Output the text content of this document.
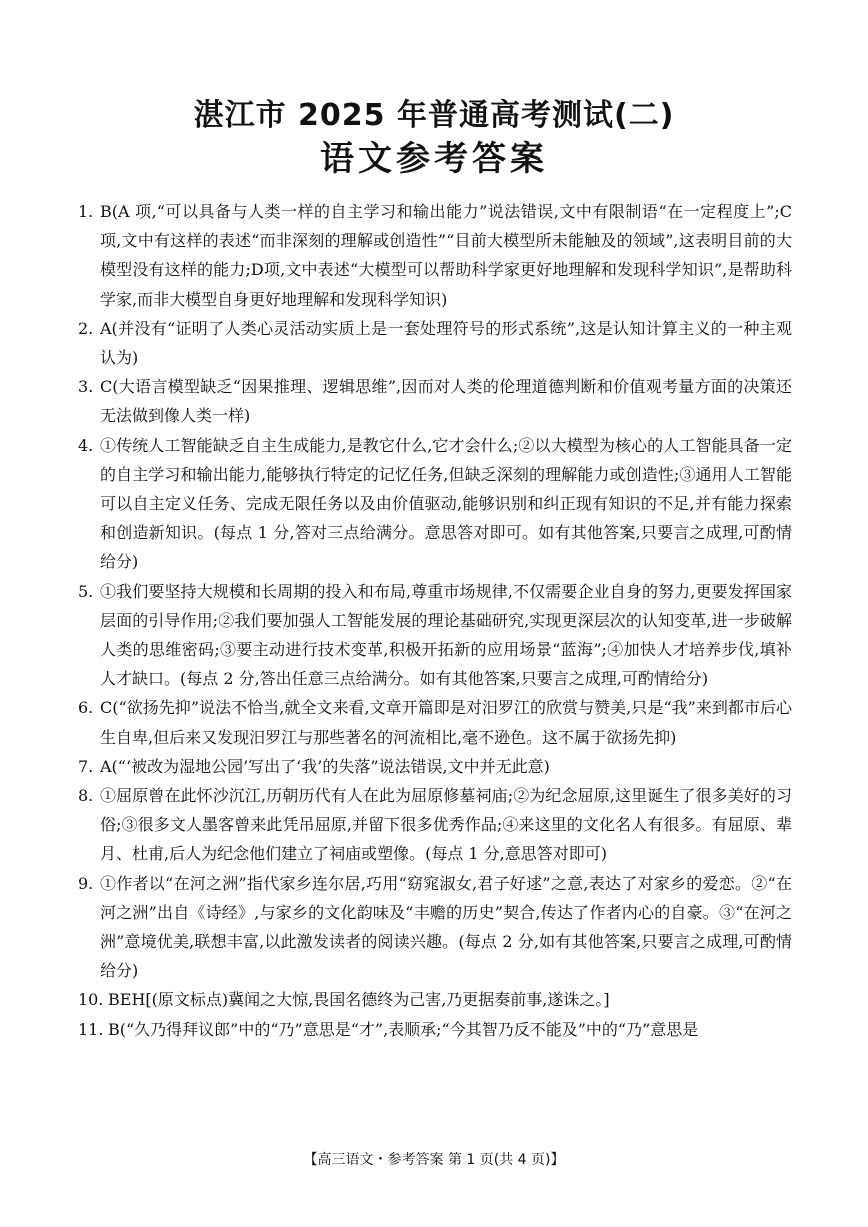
湛江市 2025 年普通高考测试(二)
语文参考答案
1. B(A 项,“可以具备与人类一样的自主学习和输出能力”说法错误,文中有限制语“在一定程度上”;C项,文中有这样的表述“而非深刻的理解或创造性”“目前大模型所未能触及的领域”,这表明目前的大模型没有这样的能力;D项,文中表述“大模型可以帮助科学家更好地理解和发现科学知识”,是帮助科学家,而非大模型自身更好地理解和发现科学知识)
2. A(并没有“证明了人类心灵活动实质上是一套处理符号的形式系统”,这是认知计算主义的一种主观认为)
3. C(大语言模型缺乏“因果推理、逻辑思维”,因而对人类的伦理道德判断和价值观考量方面的决策还无法做到像人类一样)
4. ①传统人工智能缺乏自主生成能力,是教它什么,它才会什么;②以大模型为核心的人工智能具备一定的自主学习和输出能力,能够执行特定的记忆任务,但缺乏深刻的理解能力或创造性;③通用人工智能可以自主定义任务、完成无限任务以及由价值驱动,能够识别和纠正现有知识的不足,并有能力探索和创造新知识。(每点 1 分,答对三点给满分。意思答对即可。如有其他答案,只要言之成理,可酌情给分)
5. ①我们要坚持大规模和长周期的投入和布局,尊重市场规律,不仅需要企业自身的努力,更要发挥国家层面的引导作用;②我们要加强人工智能发展的理论基础研究,实现更深层次的认知变革,进一步破解人类的思维密码;③要主动进行技术变革,积极开拓新的应用场景“蓝海”;④加快人才培养步伐,填补人才缺口。(每点 2 分,答出任意三点给满分。如有其他答案,只要言之成理,可酌情给分)
6. C(“欲扬先抑”说法不恰当,就全文来看,文章开篇即是对汨罗江的欣赏与赞美,只是“我”来到都市后心生自卑,但后来又发现汨罗江与那些著名的河流相比,毫不逊色。这不属于欲扬先抑)
7. A(“‘被改为湿地公园’写出了‘我’的失落”说法错误,文中并无此意)
8. ①屈原曾在此怀沙沉江,历朝历代有人在此为屈原修墓祠庙;②为纪念屈原,这里诞生了很多美好的习俗;③很多文人墨客曾来此凭吊屈原,并留下很多优秀作品;④来这里的文化名人有很多。有屈原、辈月、杜甫,后人为纪念他们建立了祠庙或塑像。(每点 1 分,意思答对即可)
9. ①作者以“在河之洲”指代家乡连尔居,巧用“窈窕淑女,君子好逑”之意,表达了对家乡的爱恋。②“在河之洲”出自《诗经》,与家乡的文化韵味及“丰赡的历史”契合,传达了作者内心的自豪。③“在河之洲”意境优美,联想丰富,以此激发读者的阅读兴趣。(每点 2 分,如有其他答案,只要言之成理,可酌情给分)
10. BEH[(原文标点)冀闻之大惊,畏国名德终为己害,乃更据奏前事,遂诛之。]
11. B(“久乃得拜议郎”中的“乃”意思是“才”,表顺承;“今其智乃反不能及”中的“乃”意思是
【高三语文・参考答案 第 1 页(共 4 页)】
